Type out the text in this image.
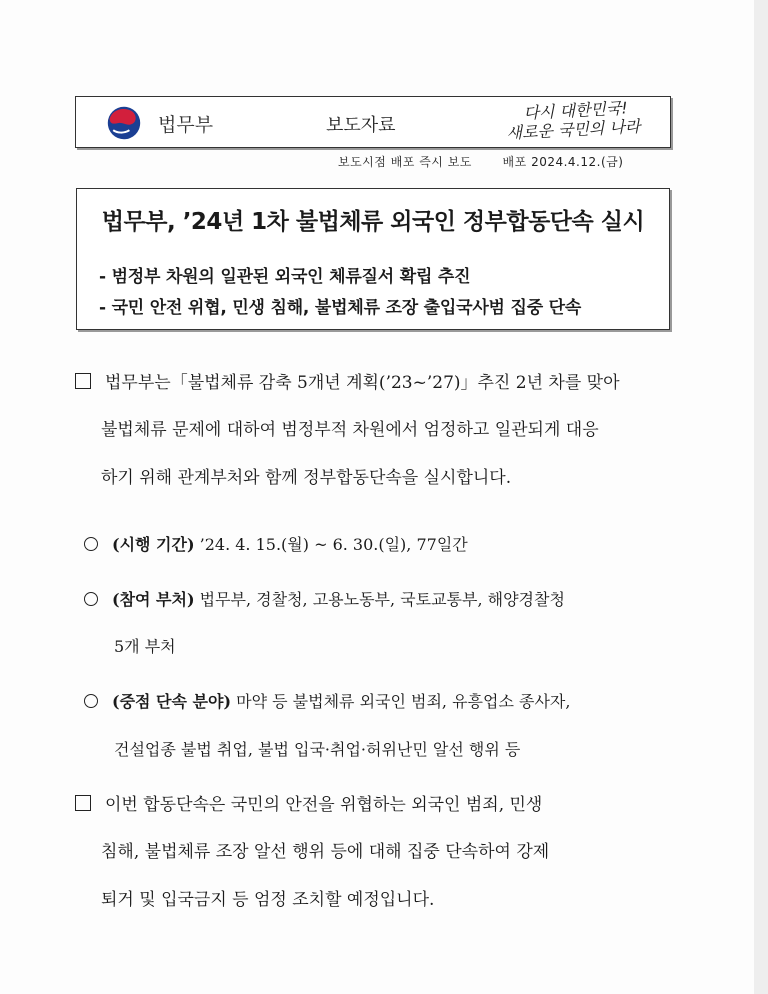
법무부	보도자료
다시 대한민국!
새로운 국민의 나라
보도시점 배포 즉시 보도	배포 2024.4.12.(금)
법무부, ’24년 1차 불법체류 외국인 정부합동단속 실시
- 범정부 차원의 일관된 외국인 체류질서 확립 추진
- 국민 안전 위협, 민생 침해, 불법체류 조장 출입국사범 집중 단속
법무부는「불법체류 감축 5개년 계획(’23~’27)」추진 2년 차를 맞아
불법체류 문제에 대하여 범정부적 차원에서 엄정하고 일관되게 대응
하기 위해 관계부처와 함께 정부합동단속을 실시합니다.
(시행 기간) ’24. 4. 15.(월) ~ 6. 30.(일), 77일간
(참여 부처) 법무부, 경찰청, 고용노동부, 국토교통부, 해양경찰청
5개 부처
(중점 단속 분야) 마약 등 불법체류 외국인 범죄, 유흥업소 종사자,
건설업종 불법 취업, 불법 입국·취업·허위난민 알선 행위 등
이번 합동단속은 국민의 안전을 위협하는 외국인 범죄, 민생
침해, 불법체류 조장 알선 행위 등에 대해 집중 단속하여 강제
퇴거 및 입국금지 등 엄정 조치할 예정입니다.
